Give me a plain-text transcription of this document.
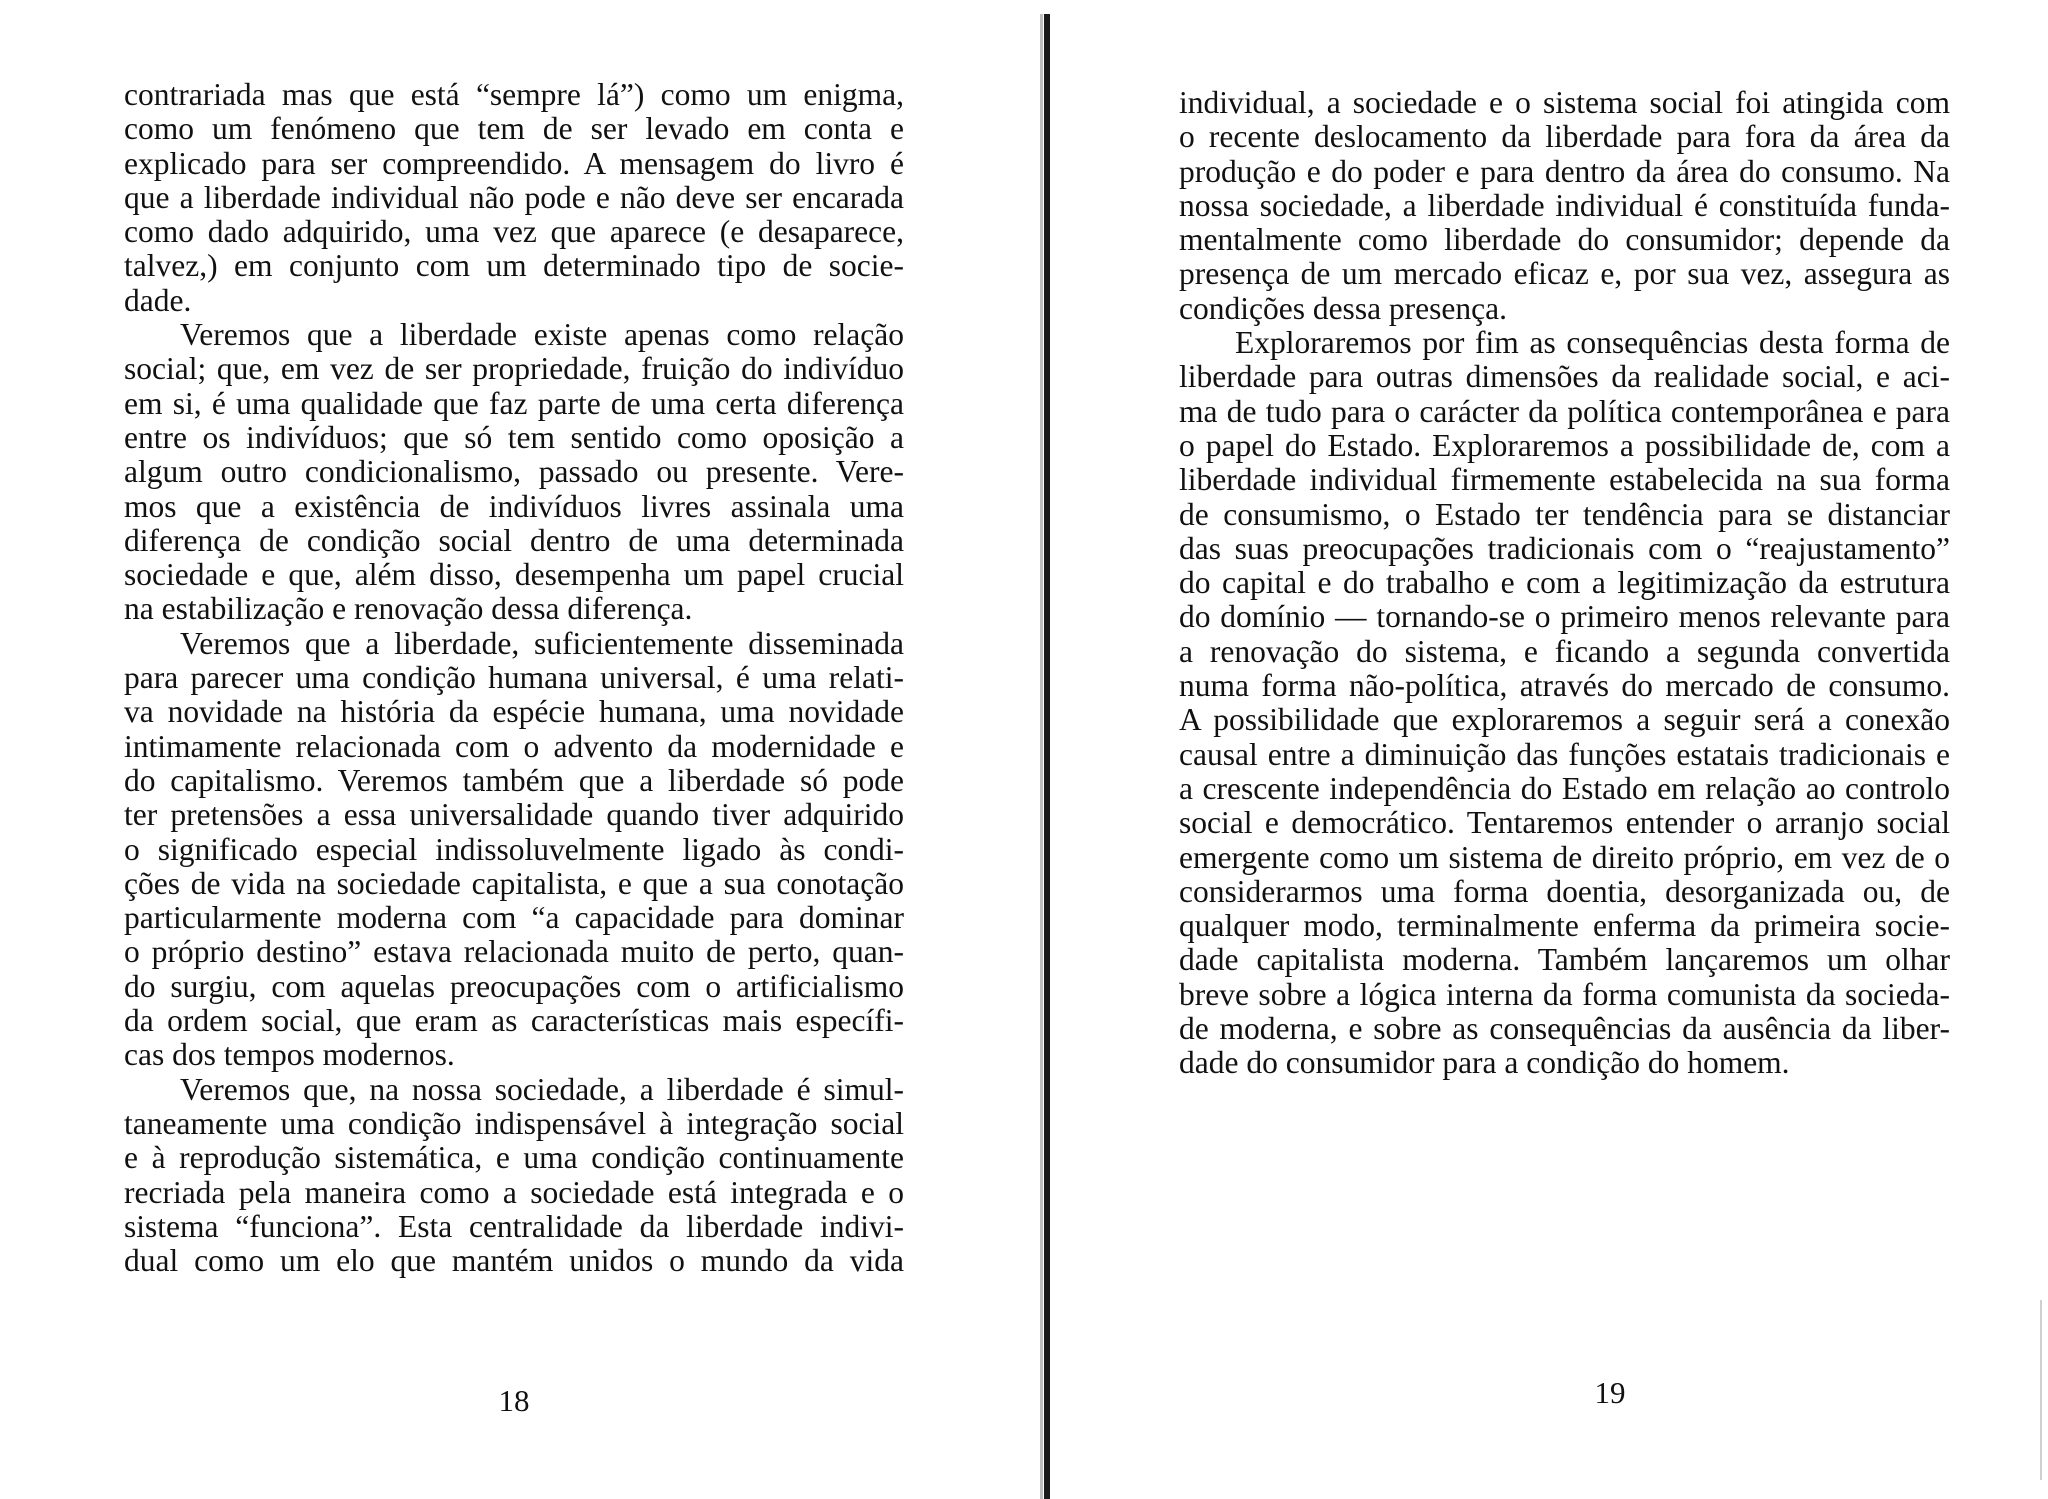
contrariada mas que está “sempre lá”) como um enigma,
como um fenómeno que tem de ser levado em conta e
explicado para ser compreendido. A mensagem do livro é
que a liberdade individual não pode e não deve ser encarada
como dado adquirido, uma vez que aparece (e desaparece,
talvez,) em conjunto com um determinado tipo de socie-
dade.
Veremos que a liberdade existe apenas como relação
social; que, em vez de ser propriedade, fruição do indivíduo
em si, é uma qualidade que faz parte de uma certa diferença
entre os indivíduos; que só tem sentido como oposição a
algum outro condicionalismo, passado ou presente. Vere-
mos que a existência de indivíduos livres assinala uma
diferença de condição social dentro de uma determinada
sociedade e que, além disso, desempenha um papel crucial
na estabilização e renovação dessa diferença.
Veremos que a liberdade, suficientemente disseminada
para parecer uma condição humana universal, é uma relati-
va novidade na história da espécie humana, uma novidade
intimamente relacionada com o advento da modernidade e
do capitalismo. Veremos também que a liberdade só pode
ter pretensões a essa universalidade quando tiver adquirido
o significado especial indissoluvelmente ligado às condi-
ções de vida na sociedade capitalista, e que a sua conotação
particularmente moderna com “a capacidade para dominar
o próprio destino” estava relacionada muito de perto, quan-
do surgiu, com aquelas preocupações com o artificialismo
da ordem social, que eram as características mais específi-
cas dos tempos modernos.
Veremos que, na nossa sociedade, a liberdade é simul-
taneamente uma condição indispensável à integração social
e à reprodução sistemática, e uma condição continuamente
recriada pela maneira como a sociedade está integrada e o
sistema “funciona”. Esta centralidade da liberdade indivi-
dual como um elo que mantém unidos o mundo da vida
18
individual, a sociedade e o sistema social foi atingida com
o recente deslocamento da liberdade para fora da área da
produção e do poder e para dentro da área do consumo. Na
nossa sociedade, a liberdade individual é constituída funda-
mentalmente como liberdade do consumidor; depende da
presença de um mercado eficaz e, por sua vez, assegura as
condições dessa presença.
Exploraremos por fim as consequências desta forma de
liberdade para outras dimensões da realidade social, e aci-
ma de tudo para o carácter da política contemporânea e para
o papel do Estado. Exploraremos a possibilidade de, com a
liberdade individual firmemente estabelecida na sua forma
de consumismo, o Estado ter tendência para se distanciar
das suas preocupações tradicionais com o “reajustamento”
do capital e do trabalho e com a legitimização da estrutura
do domínio — tornando-se o primeiro menos relevante para
a renovação do sistema, e ficando a segunda convertida
numa forma não-política, através do mercado de consumo.
A possibilidade que exploraremos a seguir será a conexão
causal entre a diminuição das funções estatais tradicionais e
a crescente independência do Estado em relação ao controlo
social e democrático. Tentaremos entender o arranjo social
emergente como um sistema de direito próprio, em vez de o
considerarmos uma forma doentia, desorganizada ou, de
qualquer modo, terminalmente enferma da primeira socie-
dade capitalista moderna. Também lançaremos um olhar
breve sobre a lógica interna da forma comunista da socieda-
de moderna, e sobre as consequências da ausência da liber-
dade do consumidor para a condição do homem.
19
